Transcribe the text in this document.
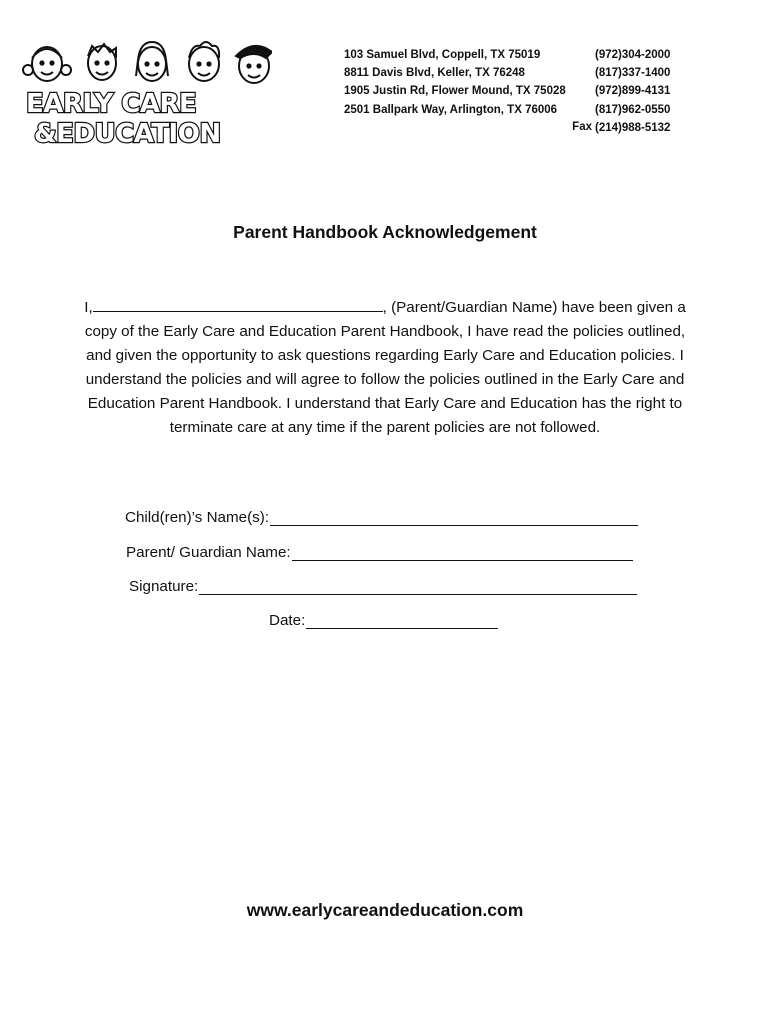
EARLY CARE
&EDUCATION
103 Samuel Blvd, Coppell, TX 75019
8811 Davis Blvd, Keller, TX 76248
1905 Justin Rd, Flower Mound, TX 75028
2501 Ballpark Way, Arlington, TX 76006
(972)304-2000
(817)337-1400
(972)899-4131
(817)962-0550
(214)988-5132
Fax
Parent Handbook Acknowledgement
I,	, (Parent/Guardian Name) have been given a copy of the Early Care and Education Parent Handbook, I have read the policies outlined, and given the opportunity to ask questions regarding Early Care and Education policies. I understand the policies and will agree to follow the policies outlined in the Early Care and Education Parent Handbook. I understand that Early Care and Education has the right to terminate care at any time if the parent policies are not followed.
Child(ren)’s Name(s):
Parent/ Guardian Name:
Signature:
Date:
www.earlycareandeducation.com
